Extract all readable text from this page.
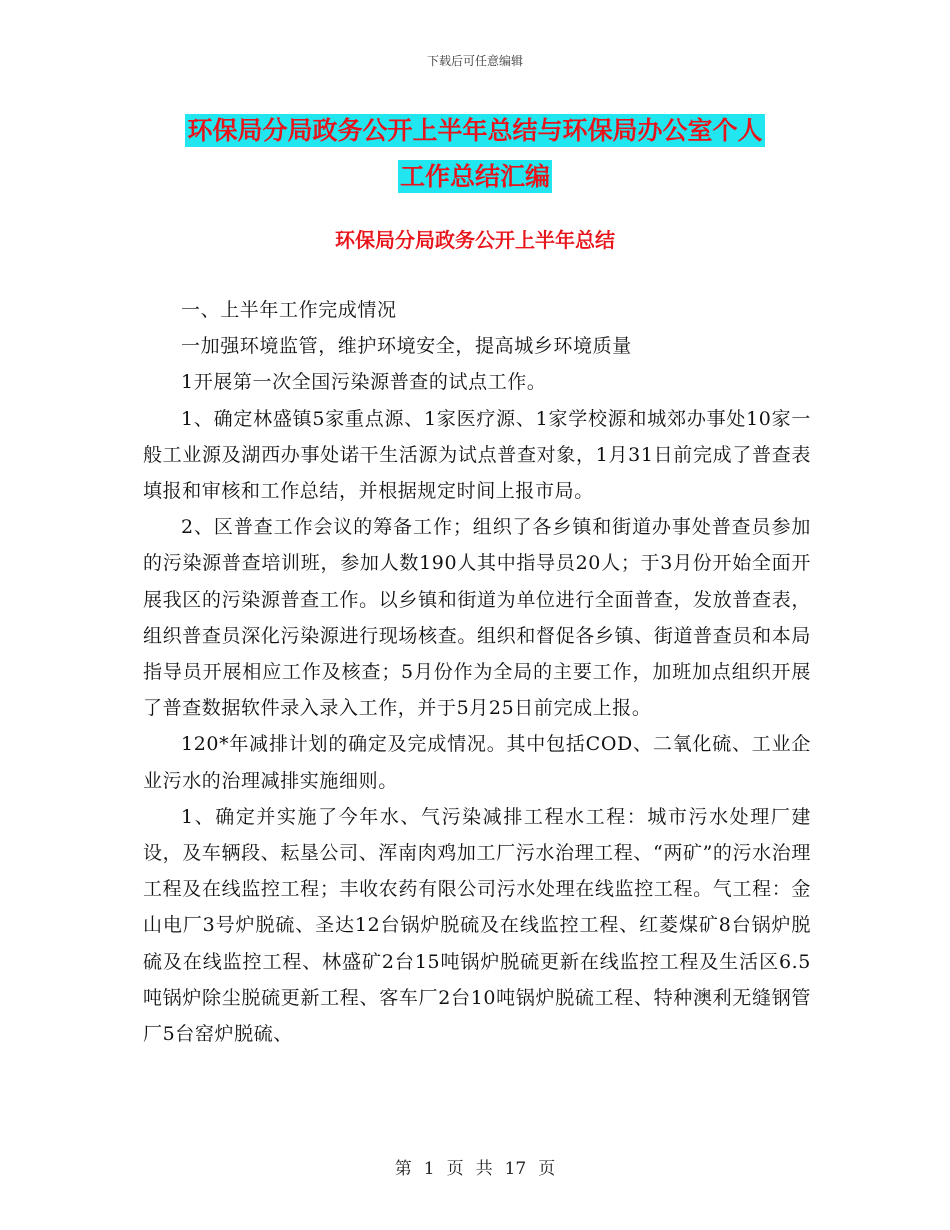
下载后可任意编辑
环保局分局政务公开上半年总结与环保局办公室个人
工作总结汇编
环保局分局政务公开上半年总结

一、上半年工作完成情况

一加强环境监管，维护环境安全，提高城乡环境质量

1开展第一次全国污染源普查的试点工作。

1、确定林盛镇5家重点源、1家医疗源、1家学校源和城郊办事处10家一般工业源及湖西办事处诺干生活源为试点普查对象，1月31日前完成了普查表填报和审核和工作总结，并根据规定时间上报市局。

2、区普查工作会议的筹备工作；组织了各乡镇和街道办事处普查员参加的污染源普查培训班，参加人数190人其中指导员20人；于3月份开始全面开展我区的污染源普查工作。以乡镇和街道为单位进行全面普查，发放普查表，组织普查员深化污染源进行现场核查。组织和督促各乡镇、街道普查员和本局指导员开展相应工作及核查；5月份作为全局的主要工作，加班加点组织开展了普查数据软件录入录入工作，并于5月25日前完成上报。

120*年减排计划的确定及完成情况。其中包括COD、二氧化硫、工业企业污水的治理减排实施细则。

1、确定并实施了今年水、气污染减排工程水工程：城市污水处理厂建设，及车辆段、耘垦公司、浑南肉鸡加工厂污水治理工程、“两矿”的污水治理工程及在线监控工程；丰收农药有限公司污水处理在线监控工程。气工程：金山电厂3号炉脱硫、圣达12台锅炉脱硫及在线监控工程、红菱煤矿8台锅炉脱硫及在线监控工程、林盛矿2台15吨锅炉脱硫更新在线监控工程及生活区6.5吨锅炉除尘脱硫更新工程、客车厂2台10吨锅炉脱硫工程、特种澳利无缝钢管厂5台窑炉脱硫、

第 1 页 共 17 页
